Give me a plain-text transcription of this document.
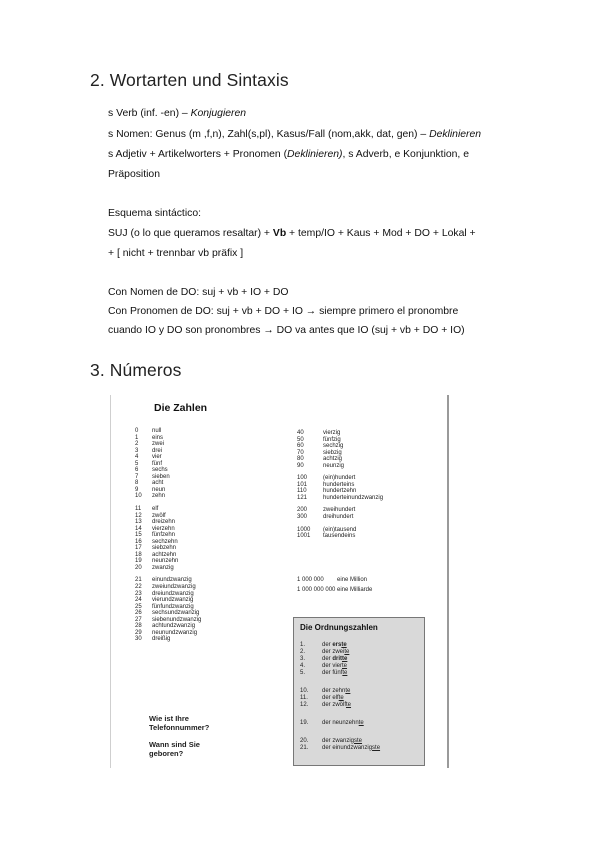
2. Wortarten und Sintaxis
s Verb (inf. -en) – Konjugieren
s Nomen: Genus (m ,f,n), Zahl(s,pl), Kasus/Fall (nom,akk, dat, gen) – Deklinieren
s Adjetiv + Artikelworters + Pronomen (Deklinieren), s Adverb, e Konjunktion, e
Präposition
Esquema sintáctico:
SUJ (o lo que queramos resaltar) + Vb + temp/IO + Kaus + Mod + DO + Lokal +
+ [ nicht + trennbar vb präfix ]
Con Nomen de DO: suj + vb + IO + DO
Con Pronomen de DO: suj + vb + DO + IO → siempre primero el pronombre
cuando IO y DO son pronombres → DO va antes que IO (suj + vb + DO + IO)
3. Números
Die Zahlen
0	null
1	eins
2	zwei
3	drei
4	vier
5	fünf
6	sechs
7	sieben
8	acht
9	neun
10	zehn
11	elf
12	zwölf
13	dreizehn
14	vierzehn
15	fünfzehn
16	sechzehn
17	siebzehn
18	achtzehn
19	neunzehn
20	zwanzig
21	einundzwanzig
22	zweiundzwanzig
23	dreiundzwanzig
24	vierundzwanzig
25	fünfundzwanzig
26	sechsundzwanzig
27	siebenundzwanzig
28	achtundzwanzig
29	neunundzwanzig
30	dreißig
40	vierzig
50	fünfzig
60	sechzig
70	siebzig
80	achtzig
90	neunzig
100	(ein)hundert
101	hunderteins
110	hundertzehn
121	hunderteinundzwanzig
200	zweihundert
300	dreihundert
1000	(ein)tausend
1001	tausendeins
1 000 000	eine Million
1 000 000 000 eine Milliarde
Wie ist Ihre
Telefonnummer?
Wann sind Sie
geboren?
Die Ordnungszahlen
1.	der erste
2.	der zweite
3.	der dritte
4.	der vierte
5.	der fünfte
10.	der zehnte
11.	der elfte
12.	der zwölfte
19.	der neunzehnte
20.	der zwanzigste
21.	der einundzwanzigste
